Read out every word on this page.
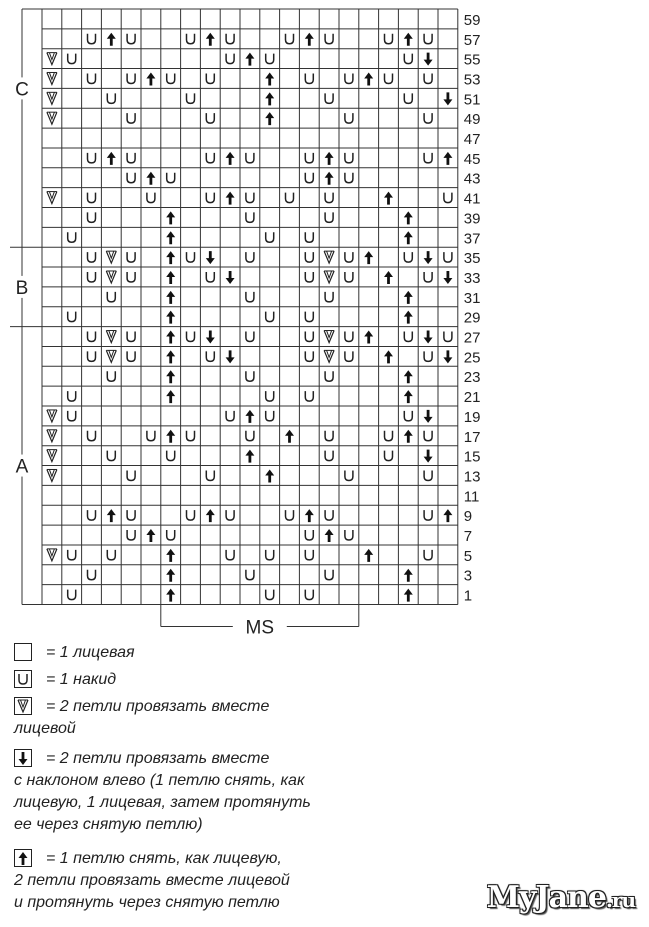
C
B
A
59
57
55
53
51
49
47
45
43
41
39
37
35
33
31
29
27
25
23
21
19
17
15
13
11
9
7
5
3
1
MS
= 1 лицевая
= 1 накид
= 2 петли провязать вместе
лицевой
= 2 петли провязать вместе
с наклоном влево (1 петлю снять, как
лицевую, 1 лицевая, затем протянуть
ее через снятую петлю)
= 1 петлю снять, как лицевую,
2 петли провязать вместе лицевой
и протянуть через снятую петлю	MyJane.ru
